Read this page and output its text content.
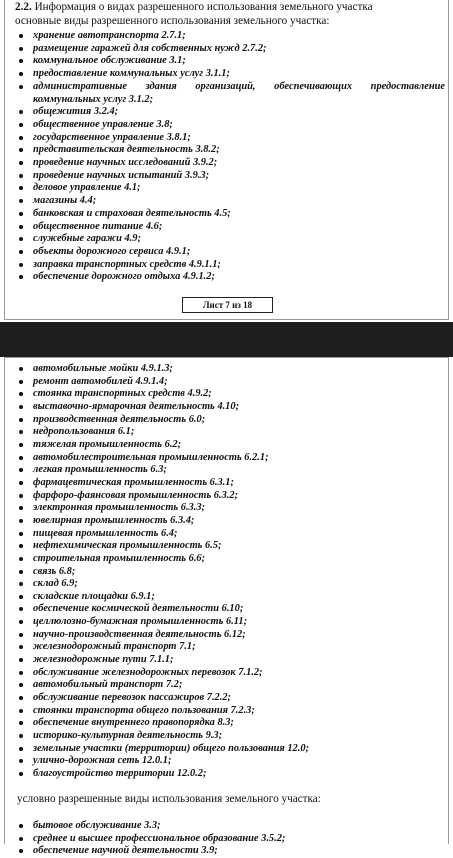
2.2. Информация о видах разрешенного использования земельного участка
основные виды разрешенного использования земельного участка:
хранение автотранспорта 2.7.1;
размещение гаражей для собственных нужд 2.7.2;
коммунальное обслуживание 3.1;
предоставление коммунальных услуг 3.1.1;
административные здания организаций, обеспечивающих предоставление коммунальных услуг 3.1.2;
общежития 3.2.4;
общественное управление 3.8;
государственное управление 3.8.1;
представительская деятельность 3.8.2;
проведение научных исследований 3.9.2;
проведение научных испытаний 3.9.3;
деловое управление 4.1;
магазины 4.4;
банковская и страховая деятельность 4.5;
общественное питание 4.6;
служебные гаражи 4.9;
объекты дорожного сервиса 4.9.1;
заправка транспортных средств 4.9.1.1;
обеспечение дорожного отдыха 4.9.1.2;
Лист 7 из 18
автомобильные мойки 4.9.1.3;
ремонт автомобилей 4.9.1.4;
стоянка транспортных средств 4.9.2;
выставочно-ярмарочная деятельность 4.10;
производственная деятельность 6.0;
недропользования 6.1;
тяжелая промышленность 6.2;
автомобилестроительная промышленность 6.2.1;
легкая промышленность 6.3;
фармацевтическая промышленность 6.3.1;
фарфоро-фаянсовая промышленность 6.3.2;
электронная промышленность 6.3.3;
ювелирная промышленность 6.3.4;
пищевая промышленность 6.4;
нефтехимическая промышленность 6.5;
строительная промышленность 6.6;
связь 6.8;
склад 6.9;
складские площадки 6.9.1;
обеспечение космической деятельности 6.10;
целлюлозно-бумажная промышленность 6.11;
научно-производственная деятельность 6.12;
железнодорожный транспорт 7.1;
железнодорожные пути 7.1.1;
обслуживание железнодорожных перевозок 7.1.2;
автомобильный транспорт 7.2;
обслуживание перевозок пассажиров 7.2.2;
стоянки транспорта общего пользования 7.2.3;
обеспечение внутреннего правопорядка 8.3;
историко-культурная деятельность 9.3;
земельные участки (территории) общего пользования 12.0;
улично-дорожная сеть 12.0.1;
благоустройство территории 12.0.2;
условно разрешенные виды использования земельного участка:
бытовое обслуживание 3.3;
среднее и высшее профессиональное образование 3.5.2;
обеспечение научной деятельности 3.9;
